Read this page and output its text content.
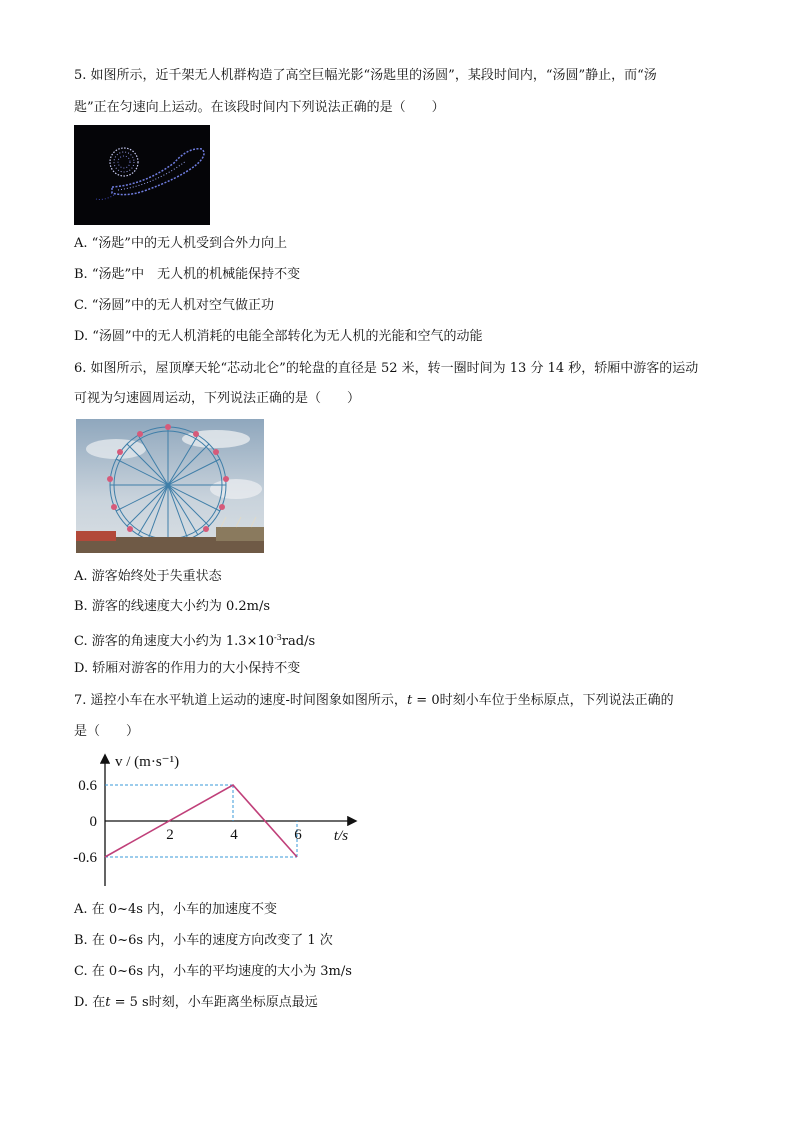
5. 如图所示，近千架无人机群构造了高空巨幅光影“汤匙里的汤圆”，某段时间内，“汤圆”静止，而“汤
匙”正在匀速向上运动。在该段时间内下列说法正确的是（　　）
A. “汤匙”中的无人机受到合外力向上
B. “汤匙”中　无人机的机械能保持不变
C. “汤圆”中的无人机对空气做正功
D. “汤圆”中的无人机消耗的电能全部转化为无人机的光能和空气的动能
6. 如图所示，屋顶摩天轮“芯动北仑”的轮盘的直径是 52 米，转一圈时间为 13 分 14 秒，轿厢中游客的运动
可视为匀速圆周运动，下列说法正确的是（　　）
A. 游客始终处于失重状态
B. 游客的线速度大小约为 0.2m/s
C. 游客的角速度大小约为 $1.3\times 10^{-3}rad/s$
D. 轿厢对游客的作用力的大小保持不变
7. 遥控小车在水平轨道上运动的速度-时间图象如图所示，t = 0时刻小车位于坐标原点，下列说法正确的
是（　　）
0.6
0
-0.6
2	4	6
v / (m·s⁻¹)
t/s
A. 在 0~4s 内，小车的加速度不变
B. 在 0~6s 内，小车的速度方向改变了 1 次
C. 在 0~6s 内，小车的平均速度的大小为 3m/s
D. 在t = 5 s时刻，小车距离坐标原点最远
